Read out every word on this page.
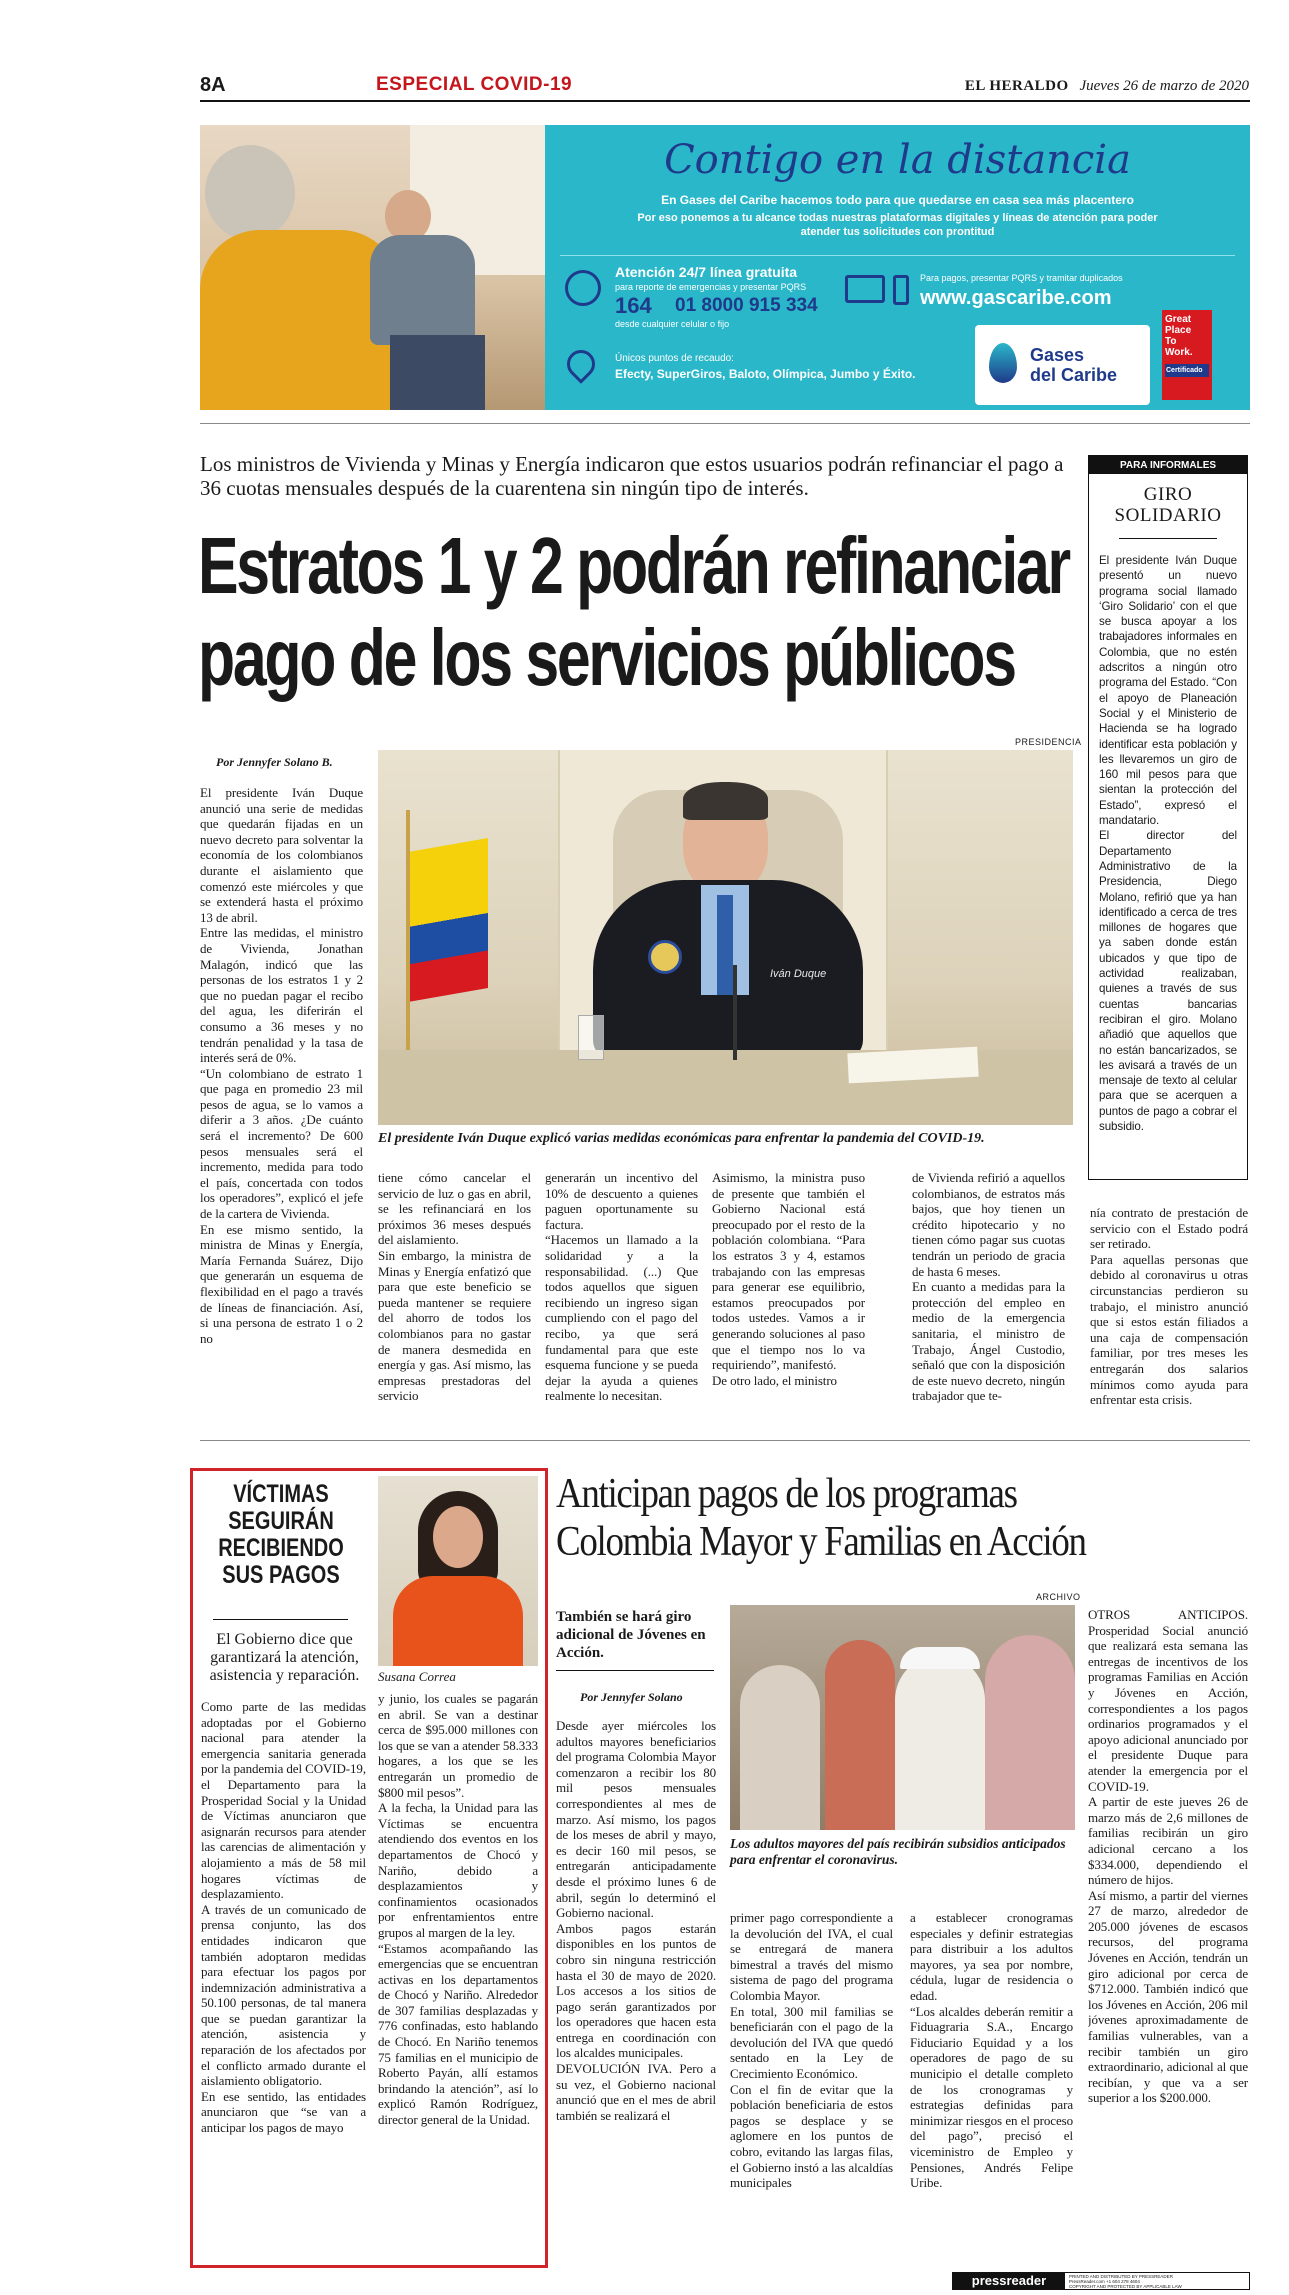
8A	ESPECIAL COVID-19	EL HERALDO Jueves 26 de marzo de 2020
Contigo en la distancia
En Gases del Caribe hacemos todo para que quedarse en casa sea más placentero
Por eso ponemos a tu alcance todas nuestras plataformas digitales y líneas de atención para poder atender tus solicitudes con prontitud
Atención 24/7 línea gratuita
para reporte de emergencias y presentar PQRS
164 01 8000 915 334
desde cualquier celular o fijo
Para pagos, presentar PQRS y tramitar duplicados
www.gascaribe.com
Únicos puntos de recaudo:
Efecty, SuperGiros, Baloto, Olímpica, Jumbo y Éxito.
Gases
del Caribe
Great
Place
To
Work.
Certificado
Los ministros de Vivienda y Minas y Energía indicaron que estos usuarios podrán refinanciar el pago a 36 cuotas mensuales después de la cuarentena sin ningún tipo de interés.
Estratos 1 y 2 podrán refinanciar
pago de los servicios públicos
PRESIDENCIA
Por Jennyfer Solano B.
Iván Duque
El presidente Iván Duque explicó varias medidas económicas para enfrentar la pandemia del COVID-19.
El presidente Iván Duque anunció una serie de medidas que quedarán fijadas en un nuevo decreto para solventar la economía de los colombianos durante el aislamiento que comenzó este miércoles y que se extenderá hasta el próximo 13 de abril.
Entre las medidas, el ministro de Vivienda, Jonathan Malagón, indicó que las personas de los estratos 1 y 2 que no puedan pagar el recibo del agua, les diferirán el consumo a 36 meses y no tendrán penalidad y la tasa de interés será de 0%.
“Un colombiano de estrato 1 que paga en promedio 23 mil pesos de agua, se lo vamos a diferir a 3 años. ¿De cuánto será el incremento? De 600 pesos mensuales será el incremento, medida para todo el país, concertada con todos los operadores”, explicó el jefe de la cartera de Vivienda.
En ese mismo sentido, la ministra de Minas y Energía, María Fernanda Suárez, Dijo que generarán un esquema de flexibilidad en el pago a través de líneas de financiación. Así, si una persona de estrato 1 o 2 no
tiene cómo cancelar el servicio de luz o gas en abril, se les refinanciará en los próximos 36 meses después del aislamiento.
Sin embargo, la ministra de Minas y Energía enfatizó que para que este beneficio se pueda mantener se requiere del ahorro de todos los colombianos para no gastar de manera desmedida en energía y gas. Así mismo, las empresas prestadoras del servicio
generarán un incentivo del 10% de descuento a quienes paguen oportunamente su factura.
“Hacemos un llamado a la solidaridad y a la responsabilidad. (...) Que todos aquellos que siguen recibiendo un ingreso sigan cumpliendo con el pago del recibo, ya que será fundamental para que este esquema funcione y se pueda dejar la ayuda a quienes realmente lo necesitan.
Asimismo, la ministra puso de presente que también el Gobierno Nacional está preocupado por el resto de la población colombiana. “Para los estratos 3 y 4, estamos trabajando con las empresas para generar ese equilibrio, estamos preocupados por todos ustedes. Vamos a ir generando soluciones al paso que el tiempo nos lo va requiriendo”, manifestó.
De otro lado, el ministro
de Vivienda refirió a aquellos colombianos, de estratos más bajos, que hoy tienen un crédito hipotecario y no tienen cómo pagar sus cuotas tendrán un periodo de gracia de hasta 6 meses.
En cuanto a medidas para la protección del empleo en medio de la emergencia sanitaria, el ministro de Trabajo, Ángel Custodio, señaló que con la disposición de este nuevo decreto, ningún trabajador que te-
nía contrato de prestación de servicio con el Estado podrá ser retirado.
Para aquellas personas que debido al coronavirus u otras circunstancias perdieron su trabajo, el ministro anunció que si estos están filiados a una caja de compensación familiar, por tres meses les entregarán dos salarios mínimos como ayuda para enfrentar esta crisis.
PARA INFORMALES
GIRO
SOLIDARIO
El presidente Iván Duque presentó un nuevo programa social llamado ‘Giro Solidario’ con el que se busca apoyar a los trabajadores informales en Colombia, que no estén adscritos a ningún otro programa del Estado. “Con el apoyo de Planeación Social y el Ministerio de Hacienda se ha logrado identificar esta población y les llevaremos un giro de 160 mil pesos para que sientan la protección del Estado”, expresó el mandatario.
El director del Departamento Administrativo de la Presidencia, Diego Molano, refirió que ya han identificado a cerca de tres millones de hogares que ya saben donde están ubicados y que tipo de actividad realizaban, quienes a través de sus cuentas bancarias recibiran el giro. Molano añadió que aquellos que no están bancarizados, se les avisará a través de un mensaje de texto al celular para que se acerquen a puntos de pago a cobrar el subsidio.
VÍCTIMAS
SEGUIRÁN
RECIBIENDO
SUS PAGOS
El Gobierno dice que garantizará la atención, asistencia y reparación. Susana Correa
Como parte de las medidas adoptadas por el Gobierno nacional para atender la emergencia sanitaria generada por la pandemia del COVID-19, el Departamento para la Prosperidad Social y la Unidad de Víctimas anunciaron que asignarán recursos para atender las carencias de alimentación y alojamiento a más de 58 mil hogares víctimas de desplazamiento.
A través de un comunicado de prensa conjunto, las dos entidades indicaron que también adoptaron medidas para efectuar los pagos por indemnización administrativa a 50.100 personas, de tal manera que se puedan garantizar la atención, asistencia y reparación de los afectados por el conflicto armado durante el aislamiento obligatorio.
En ese sentido, las entidades anunciaron que “se van a anticipar los pagos de mayo
y junio, los cuales se pagarán en abril. Se van a destinar cerca de $95.000 millones con los que se van a atender 58.333 hogares, a los que se les entregarán un promedio de $800 mil pesos”.
A la fecha, la Unidad para las Víctimas se encuentra atendiendo dos eventos en los departamentos de Chocó y Nariño, debido a desplazamientos y confinamientos ocasionados por enfrentamientos entre grupos al margen de la ley.
“Estamos acompañando las emergencias que se encuentran activas en los departamentos de Chocó y Nariño. Alrededor de 307 familias desplazadas y 776 confinadas, esto hablando de Chocó. En Nariño tenemos 75 familias en el municipio de Roberto Payán, allí estamos brindando la atención”, así lo explicó Ramón Rodríguez, director general de la Unidad.
Anticipan pagos de los programas
Colombia Mayor y Familias en Acción
ARCHIVO
También se hará giro adicional de Jóvenes en Acción.
Por Jennyfer Solano
Los adultos mayores del país recibirán subsidios anticipados para enfrentar el coronavirus.
Desde ayer miércoles los adultos mayores beneficiarios del programa Colombia Mayor comenzaron a recibir los 80 mil pesos mensuales correspondientes al mes de marzo. Así mismo, los pagos de los meses de abril y mayo, es decir 160 mil pesos, se entregarán anticipadamente desde el próximo lunes 6 de abril, según lo determinó el Gobierno nacional.
Ambos pagos estarán disponibles en los puntos de cobro sin ninguna restricción hasta el 30 de mayo de 2020. Los accesos a los sitios de pago serán garantizados por los operadores que hacen esta entrega en coordinación con los alcaldes municipales.
DEVOLUCIÓN IVA. Pero a su vez, el Gobierno nacional anunció que en el mes de abril también se realizará el
primer pago correspondiente a la devolución del IVA, el cual se entregará de manera bimestral a través del mismo sistema de pago del programa Colombia Mayor.
En total, 300 mil familias se beneficiarán con el pago de la devolución del IVA que quedó sentado en la Ley de Crecimiento Económico.
Con el fin de evitar que la población beneficiaria de estos pagos se desplace y se aglomere en los puntos de cobro, evitando las largas filas, el Gobierno instó a las alcaldías municipales
a establecer cronogramas especiales y definir estrategias para distribuir a los adultos mayores, ya sea por nombre, cédula, lugar de residencia o edad.
“Los alcaldes deberán remitir a Fiduagraria S.A., Encargo Fiduciario Equidad y a los operadores de pago de su municipio el detalle completo de los cronogramas y estrategias definidas para minimizar riesgos en el proceso del pago”, precisó el viceministro de Empleo y Pensiones, Andrés Felipe Uribe.
OTROS ANTICIPOS. Prosperidad Social anunció que realizará esta semana las entregas de incentivos de los programas Familias en Acción y Jóvenes en Acción, correspondientes a los pagos ordinarios programados y el apoyo adicional anunciado por el presidente Duque para atender la emergencia por el COVID-19.
A partir de este jueves 26 de marzo más de 2,6 millones de familias recibirán un giro adicional cercano a los $334.000, dependiendo el número de hijos.
Así mismo, a partir del viernes 27 de marzo, alrededor de 205.000 jóvenes de escasos recursos, del programa Jóvenes en Acción, tendrán un giro adicional por cerca de $712.000. También indicó que los Jóvenes en Acción, 206 mil jóvenes aproximadamente de familias vulnerables, van a recibir también un giro extraordinario, adicional al que recibían, y que va a ser superior a los $200.000.
pressreader	PRINTED AND DISTRIBUTED BY PRESSREADER
PressReader.com +1 604 278 4604
COPYRIGHT AND PROTECTED BY APPLICABLE LAW
